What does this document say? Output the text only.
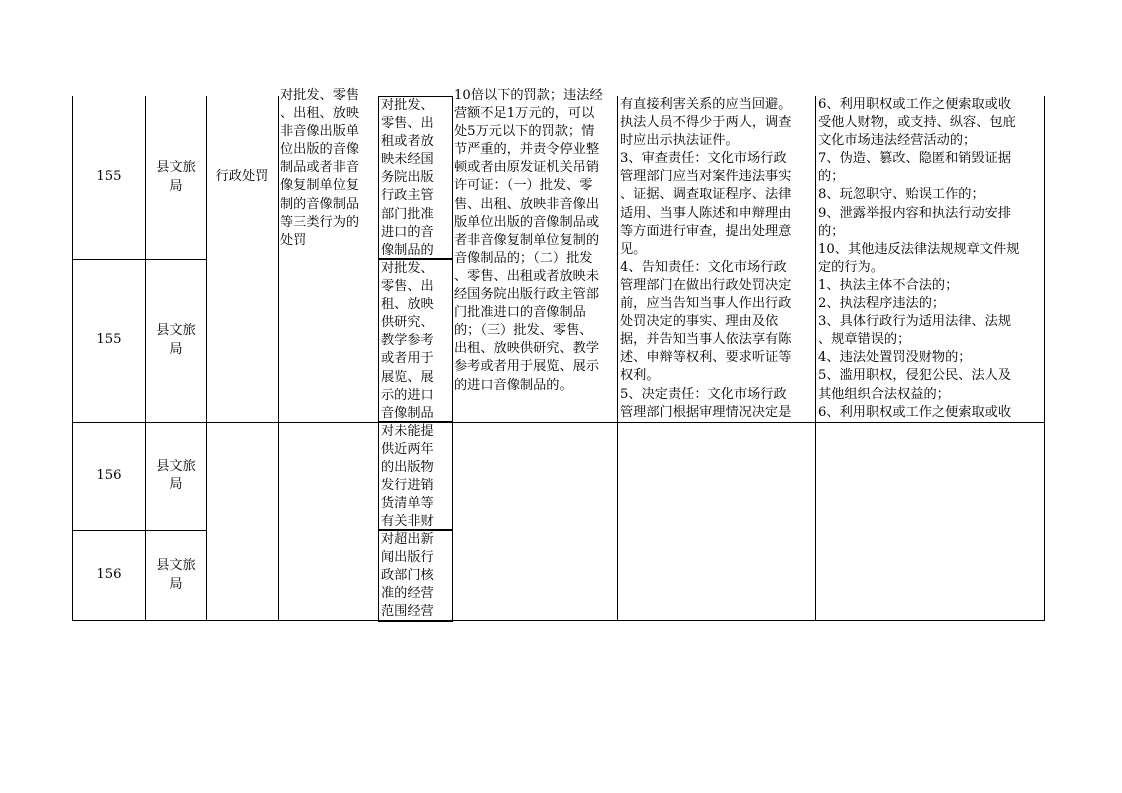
155
县文旅
局
行政处罚
对批发、零售
、出租、放映
非音像出版单
位出版的音像
制品或者非音
像复制单位复
制的音像制品
等三类行为的
处罚
对批发、
零售、出
租或者放
映未经国
务院出版
行政主管
部门批准
进口的音
像制品的
155
县文旅
局
对批发、
零售、出
租、放映
供研究、
教学参考
或者用于
展览、展
示的进口
音像制品
10倍以下的罚款；违法经
营额不足1万元的，可以
处5万元以下的罚款；情
节严重的，并责令停业整
顿或者由原发证机关吊销
许可证：（一）批发、零
售、出租、放映非音像出
版单位出版的音像制品或
者非音像复制单位复制的
音像制品的；（二）批发
、零售、出租或者放映未
经国务院出版行政主管部
门批准进口的音像制品
的；（三）批发、零售、
出租、放映供研究、教学
参考或者用于展览、展示
的进口音像制品的。
有直接利害关系的应当回避。
执法人员不得少于两人，调查
时应出示执法证件。
3、审查责任：文化市场行政
管理部门应当对案件违法事实
、证据、调查取证程序、法律
适用、当事人陈述和申辩理由
等方面进行审查，提出处理意
见。
4、告知责任：文化市场行政
管理部门在做出行政处罚决定
前，应当告知当事人作出行政
处罚决定的事实、理由及依
据，并告知当事人依法享有陈
述、申辩等权利、要求听证等
权利。
5、决定责任：文化市场行政
管理部门根据审理情况决定是
6、利用职权或工作之便索取或收
受他人财物，或支持、纵容、包庇
文化市场违法经营活动的；
7、伪造、篡改、隐匿和销毁证据
的；
8、玩忽职守、贻误工作的；
9、泄露举报内容和执法行动安排
的；
10、其他违反法律法规规章文件规
定的行为。
1、执法主体不合法的；
2、执法程序违法的；
3、具体行政行为适用法律、法规
、规章错误的；
4、违法处置罚没财物的；
5、滥用职权，侵犯公民、法人及
其他组织合法权益的；
6、利用职权或工作之便索取或收
156
县文旅
局
对未能提
供近两年
的出版物
发行进销
货清单等
有关非财
156
县文旅
局
对超出新
闻出版行
政部门核
准的经营
范围经营
